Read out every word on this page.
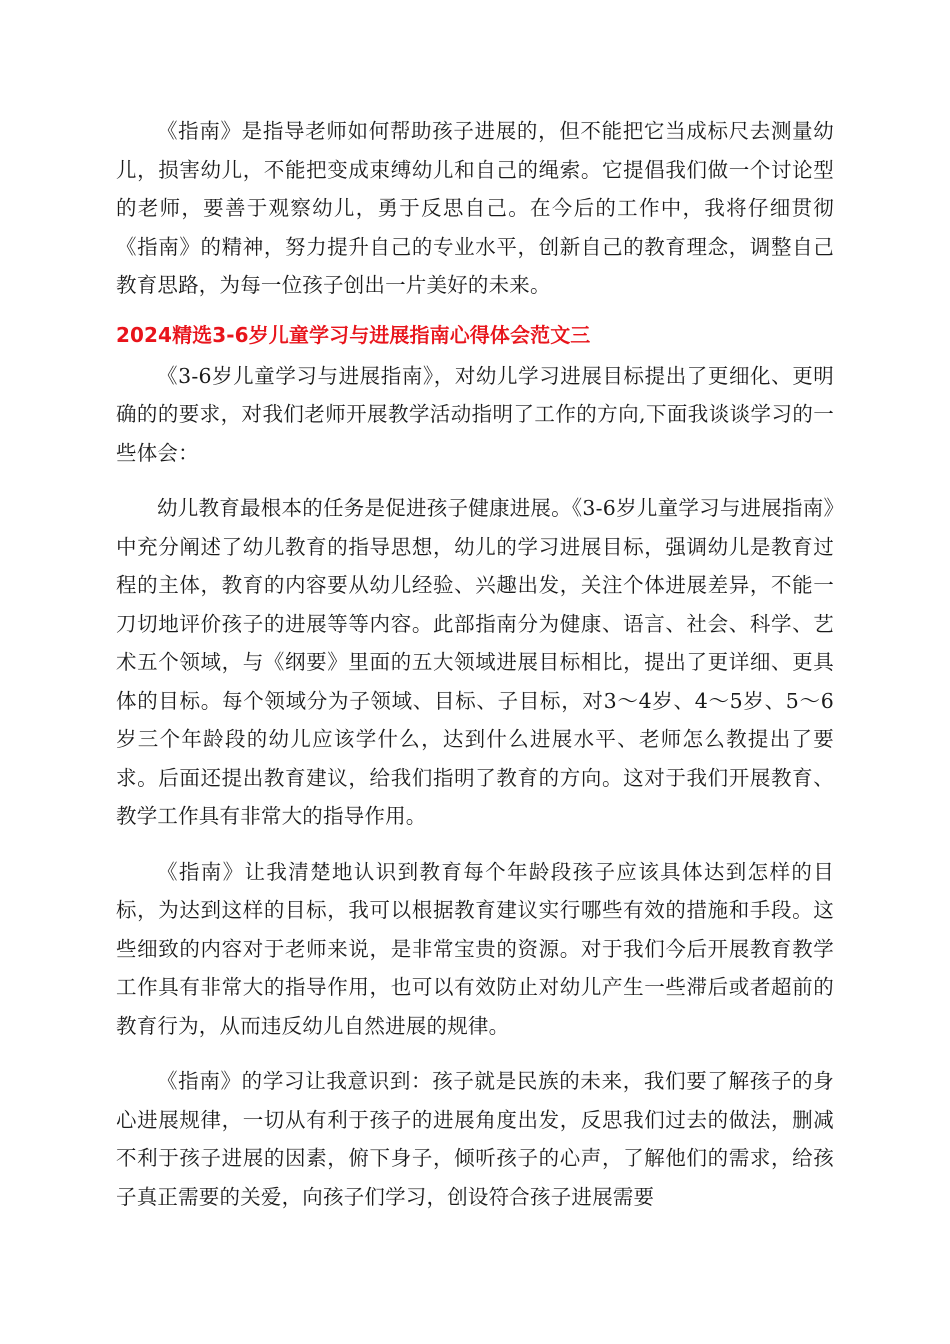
《指南》是指导老师如何帮助孩子进展的，但不能把它当成标尺去测量幼儿，损害幼儿，不能把变成束缚幼儿和自己的绳索。它提倡我们做一个讨论型的老师，要善于观察幼儿，勇于反思自己。在今后的工作中，我将仔细贯彻《指南》的精神，努力提升自己的专业水平，创新自己的教育理念，调整自己教育思路，为每一位孩子创出一片美好的未来。

2024精选3-6岁儿童学习与进展指南心得体会范文三

《3-6岁儿童学习与进展指南》，对幼儿学习进展目标提出了更细化、更明确的的要求，对我们老师开展教学活动指明了工作的方向,下面我谈谈学习的一些体会：

幼儿教育最根本的任务是促进孩子健康进展。《3-6岁儿童学习与进展指南》中充分阐述了幼儿教育的指导思想，幼儿的学习进展目标，强调幼儿是教育过程的主体，教育的内容要从幼儿经验、兴趣出发，关注个体进展差异，不能一刀切地评价孩子的进展等等内容。此部指南分为健康、语言、社会、科学、艺术五个领域，与《纲要》里面的五大领域进展目标相比，提出了更详细、更具体的目标。每个领域分为子领域、目标、子目标，对3～4岁、4～5岁、5～6岁三个年龄段的幼儿应该学什么，达到什么进展水平、老师怎么教提出了要求。后面还提出教育建议，给我们指明了教育的方向。这对于我们开展教育、教学工作具有非常大的指导作用。

《指南》让我清楚地认识到教育每个年龄段孩子应该具体达到怎样的目标，为达到这样的目标，我可以根据教育建议实行哪些有效的措施和手段。这些细致的内容对于老师来说，是非常宝贵的资源。对于我们今后开展教育教学工作具有非常大的指导作用，也可以有效防止对幼儿产生一些滞后或者超前的教育行为，从而违反幼儿自然进展的规律。

《指南》的学习让我意识到：孩子就是民族的未来，我们要了解孩子的身心进展规律，一切从有利于孩子的进展角度出发，反思我们过去的做法，删减不利于孩子进展的因素，俯下身子，倾听孩子的心声，了解他们的需求，给孩子真正需要的关爱，向孩子们学习，创设符合孩子进展需要
